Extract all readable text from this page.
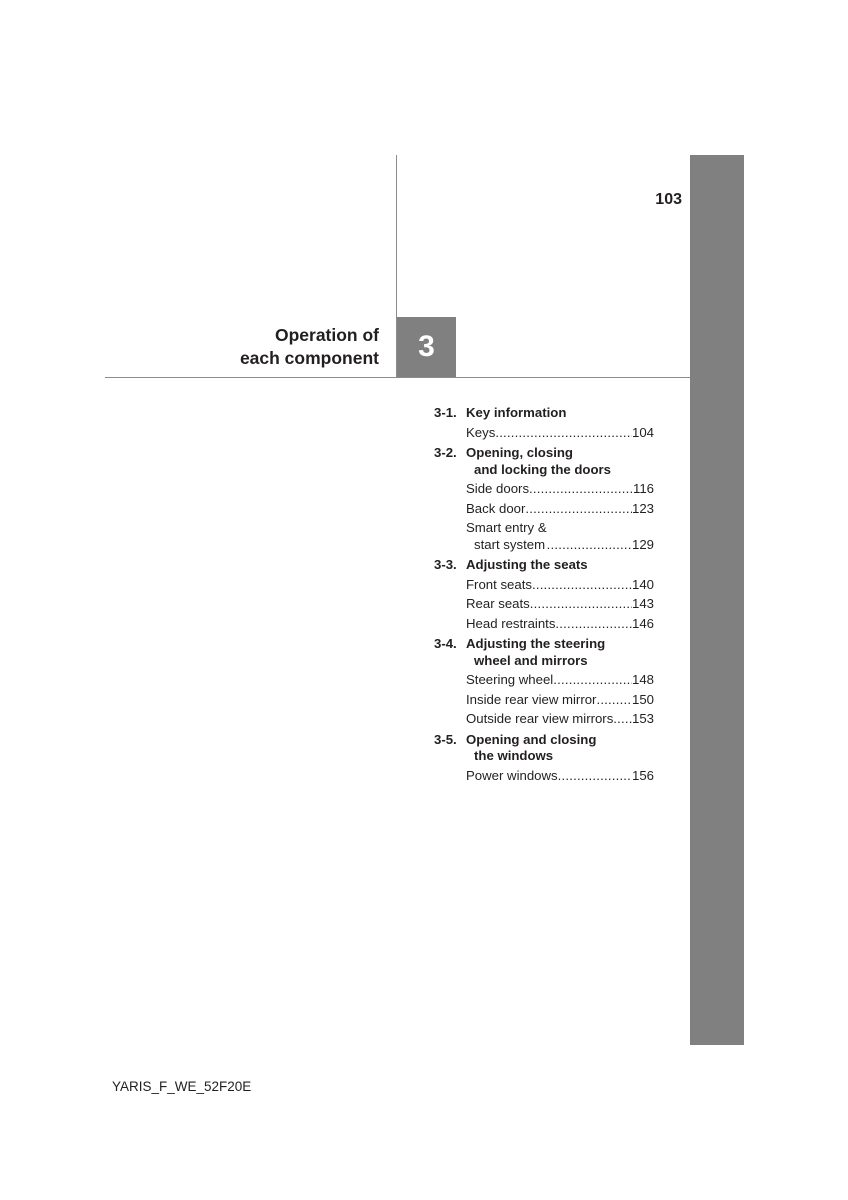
103
Operation of
each component 3
3-1. Key information
Keys .....	104
3-2. Opening, closing
and locking the doors
Side doors .....	116
Back door .....	123
Smart entry &
start system .....	129
3-3. Adjusting the seats
Front seats .....	140
Rear seats .....	143
Head restraints .....	146
3-4. Adjusting the steering
wheel and mirrors
Steering wheel .....	148
Inside rear view mirror .....	150
Outside rear view mirrors ..... 153
3-5. Opening and closing
the windows
Power windows .....	156
YARIS_F_WE_52F20E
